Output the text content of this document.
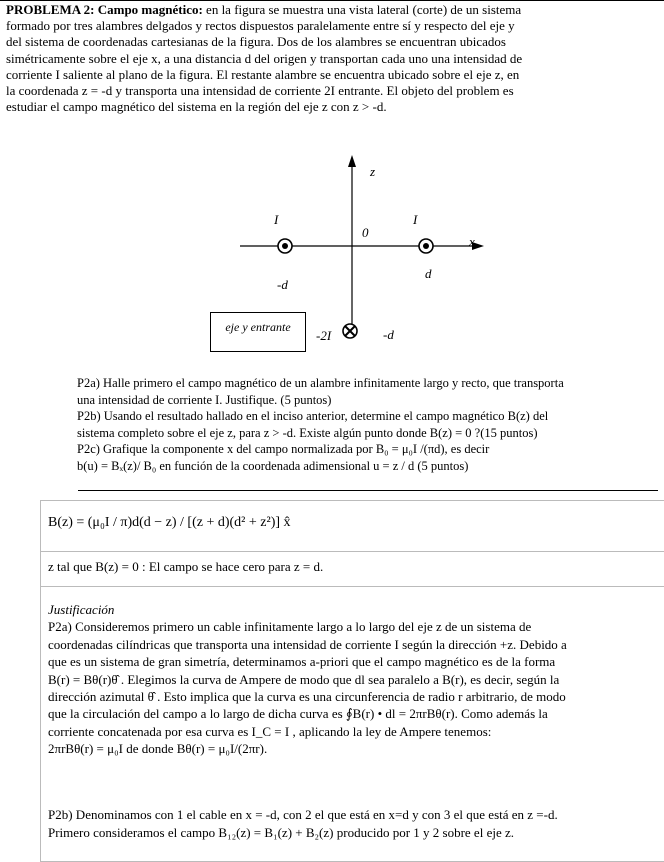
PROBLEMA 2: Campo magnético: en la figura se muestra una vista lateral (corte) de un sistema
formado por tres alambres delgados y rectos dispuestos paralelamente entre sí y respecto del eje y
del sistema de coordenadas cartesianas de la figura. Dos de los alambres se encuentran ubicados
simétricamente sobre el eje x, a una distancia d del origen y transportan cada uno una intensidad de
corriente I saliente al plano de la figura. El restante alambre se encuentra ubicado sobre el eje z, en
la coordenada z = -d y transporta una intensidad de corriente 2I entrante. El objeto del problem es
estudiar el campo magnético del sistema en la región del eje z con z > -d.
z
x
0
I	I
-d
d
-2I	-d
eje y entrante
P2a) Halle primero el campo magnético de un alambre infinitamente largo y recto, que transporta
una intensidad de corriente I. Justifique. (5 puntos)
P2b) Usando el resultado hallado en el inciso anterior, determine el campo magnético B(z) del
sistema completo sobre el eje z, para z > -d. Existe algún punto donde B(z) = 0 ?(15 puntos)
P2c) Grafique la componente x del campo normalizada por B₀ = μ₀I /(πd), es decir
b(u) = Bₓ(z)/ B₀ en función de la coordenada adimensional u = z / d (5 puntos)
B(z) = (μ₀I / π)d(d − z) / [(z + d)(d² + z²)] x̂
z tal que B(z) = 0 : El campo se hace cero para z = d.
Justificación
P2a) Consideremos primero un cable infinitamente largo a lo largo del eje z de un sistema de
coordenadas cilíndricas que transporta una intensidad de corriente I según la dirección +z. Debido a
que es un sistema de gran simetría, determinamos a-priori que el campo magnético es de la forma
B(r) = Bθ(r)θ̂ . Elegimos la curva de Ampere de modo que dl sea paralelo a B(r), es decir, según la
dirección azimutal θ̂ . Esto implica que la curva es una circunferencia de radio r arbitrario, de modo
que la circulación del campo a lo largo de dicha curva es ∮B(r) • dl = 2πrBθ(r). Como además la
corriente concatenada por esa curva es I_C = I , aplicando la ley de Ampere tenemos:
2πrBθ(r) = μ₀I de donde Bθ(r) = μ₀I/(2πr).
P2b) Denominamos con 1 el cable en x = -d, con 2 el que está en x=d y con 3 el que está en z =-d.
Primero consideramos el campo B₁₂(z) = B₁(z) + B₂(z) producido por 1 y 2 sobre el eje z.
